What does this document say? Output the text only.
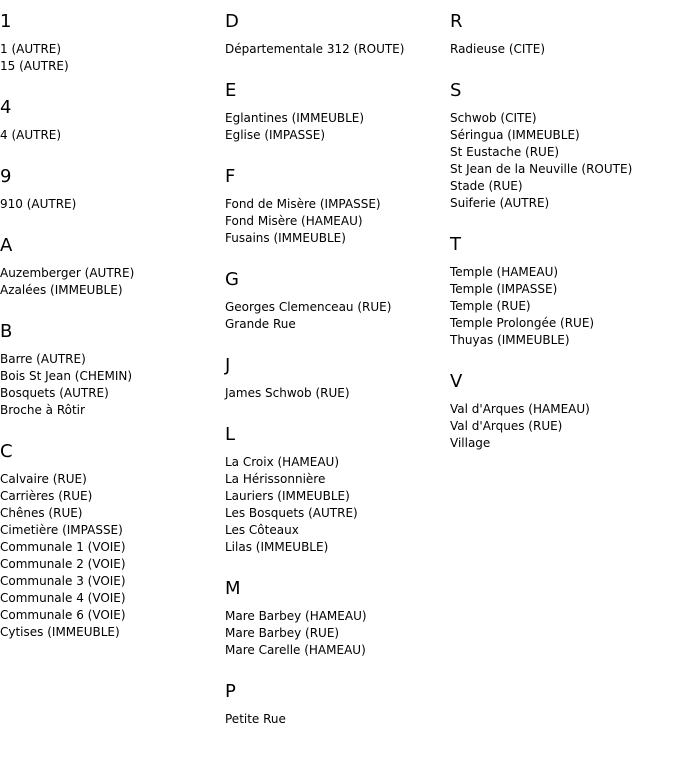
1
1 (AUTRE)
15 (AUTRE)
4
4 (AUTRE)
9
910 (AUTRE)
A
Auzemberger (AUTRE)
Azalées (IMMEUBLE)
B
Barre (AUTRE)
Bois St Jean (CHEMIN)
Bosquets (AUTRE)
Broche à Rôtir
C
Calvaire (RUE)
Carrières (RUE)
Chênes (RUE)
Cimetière (IMPASSE)
Communale 1 (VOIE)
Communale 2 (VOIE)
Communale 3 (VOIE)
Communale 4 (VOIE)
Communale 6 (VOIE)
Cytises (IMMEUBLE)
D
Départementale 312 (ROUTE)
E
Eglantines (IMMEUBLE)
Eglise (IMPASSE)
F
Fond de Misère (IMPASSE)
Fond Misère (HAMEAU)
Fusains (IMMEUBLE)
G
Georges Clemenceau (RUE)
Grande Rue
J
James Schwob (RUE)
L
La Croix (HAMEAU)
La Hérissonnière
Lauriers (IMMEUBLE)
Les Bosquets (AUTRE)
Les Côteaux
Lilas (IMMEUBLE)
M
Mare Barbey (HAMEAU)
Mare Barbey (RUE)
Mare Carelle (HAMEAU)
P
Petite Rue
R
Radieuse (CITE)
S
Schwob (CITE)
Séringua (IMMEUBLE)
St Eustache (RUE)
St Jean de la Neuville (ROUTE)
Stade (RUE)
Suiferie (AUTRE)
T
Temple (HAMEAU)
Temple (IMPASSE)
Temple (RUE)
Temple Prolongée (RUE)
Thuyas (IMMEUBLE)
V
Val d'Arques (HAMEAU)
Val d'Arques (RUE)
Village
